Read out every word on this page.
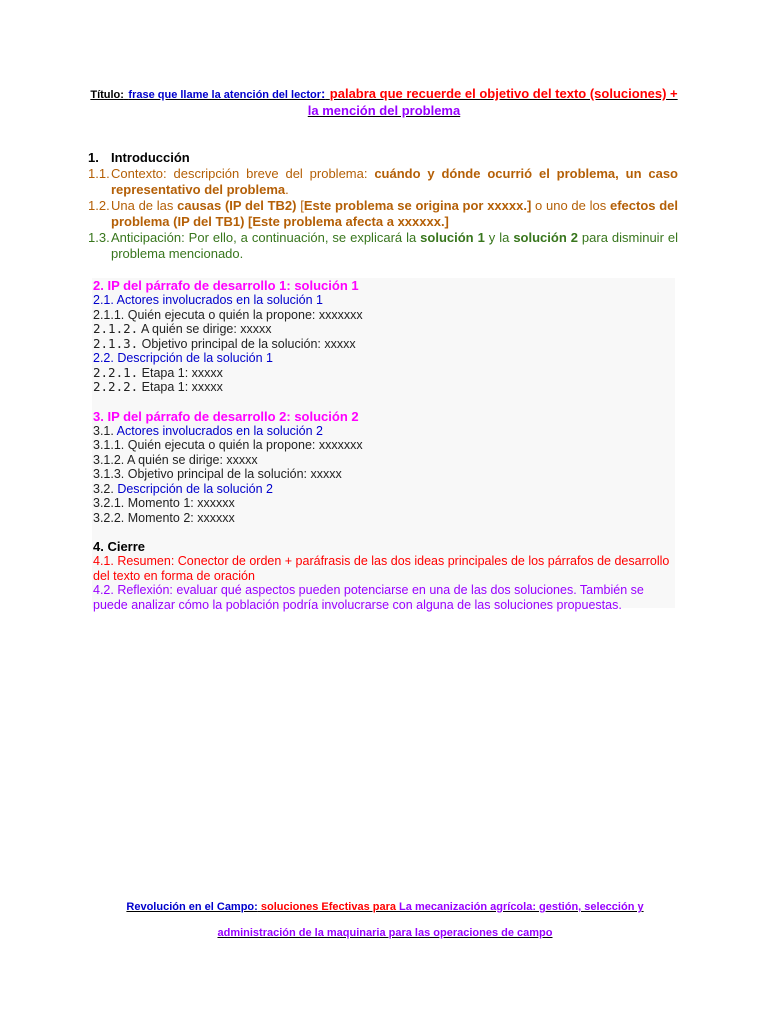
Título: frase que llame la atención del lector: palabra que recuerde el objetivo del texto (soluciones) + la mención del problema
1. Introducción
1.1. Contexto: descripción breve del problema: cuándo y dónde ocurrió el problema, un caso representativo del problema.
1.2. Una de las causas (IP del TB2) [Este problema se origina por xxxxx.] o uno de los efectos del problema (IP del TB1) [Este problema afecta a xxxxxx.]
1.3. Anticipación: Por ello, a continuación, se explicará la solución 1 y la solución 2 para disminuir el problema mencionado.
2. IP del párrafo de desarrollo 1: solución 1
2.1. Actores involucrados en la solución 1
2.1.1. Quién ejecuta o quién la propone: xxxxxxx
2.1.2. A quién se dirige: xxxxx
2.1.3. Objetivo principal de la solución: xxxxx
2.2. Descripción de la solución 1
2.2.1. Etapa 1: xxxxx
2.2.2. Etapa 1: xxxxx
3. IP del párrafo de desarrollo 2: solución 2
3.1. Actores involucrados en la solución 2
3.1.1. Quién ejecuta o quién la propone: xxxxxxx
3.1.2. A quién se dirige: xxxxx
3.1.3. Objetivo principal de la solución: xxxxx
3.2. Descripción de la solución 2
3.2.1. Momento 1: xxxxxx
3.2.2. Momento 2: xxxxxx
4. Cierre
4.1. Resumen: Conector de orden + paráfrasis de las dos ideas principales de los párrafos de desarrollo del texto en forma de oración
4.2. Reflexión: evaluar qué aspectos pueden potenciarse en una de las dos soluciones. También se puede analizar cómo la población podría involucrarse con alguna de las soluciones propuestas.
Revolución en el Campo: soluciones Efectivas para La mecanización agrícola: gestión, selección y administración de la maquinaria para las operaciones de campo
